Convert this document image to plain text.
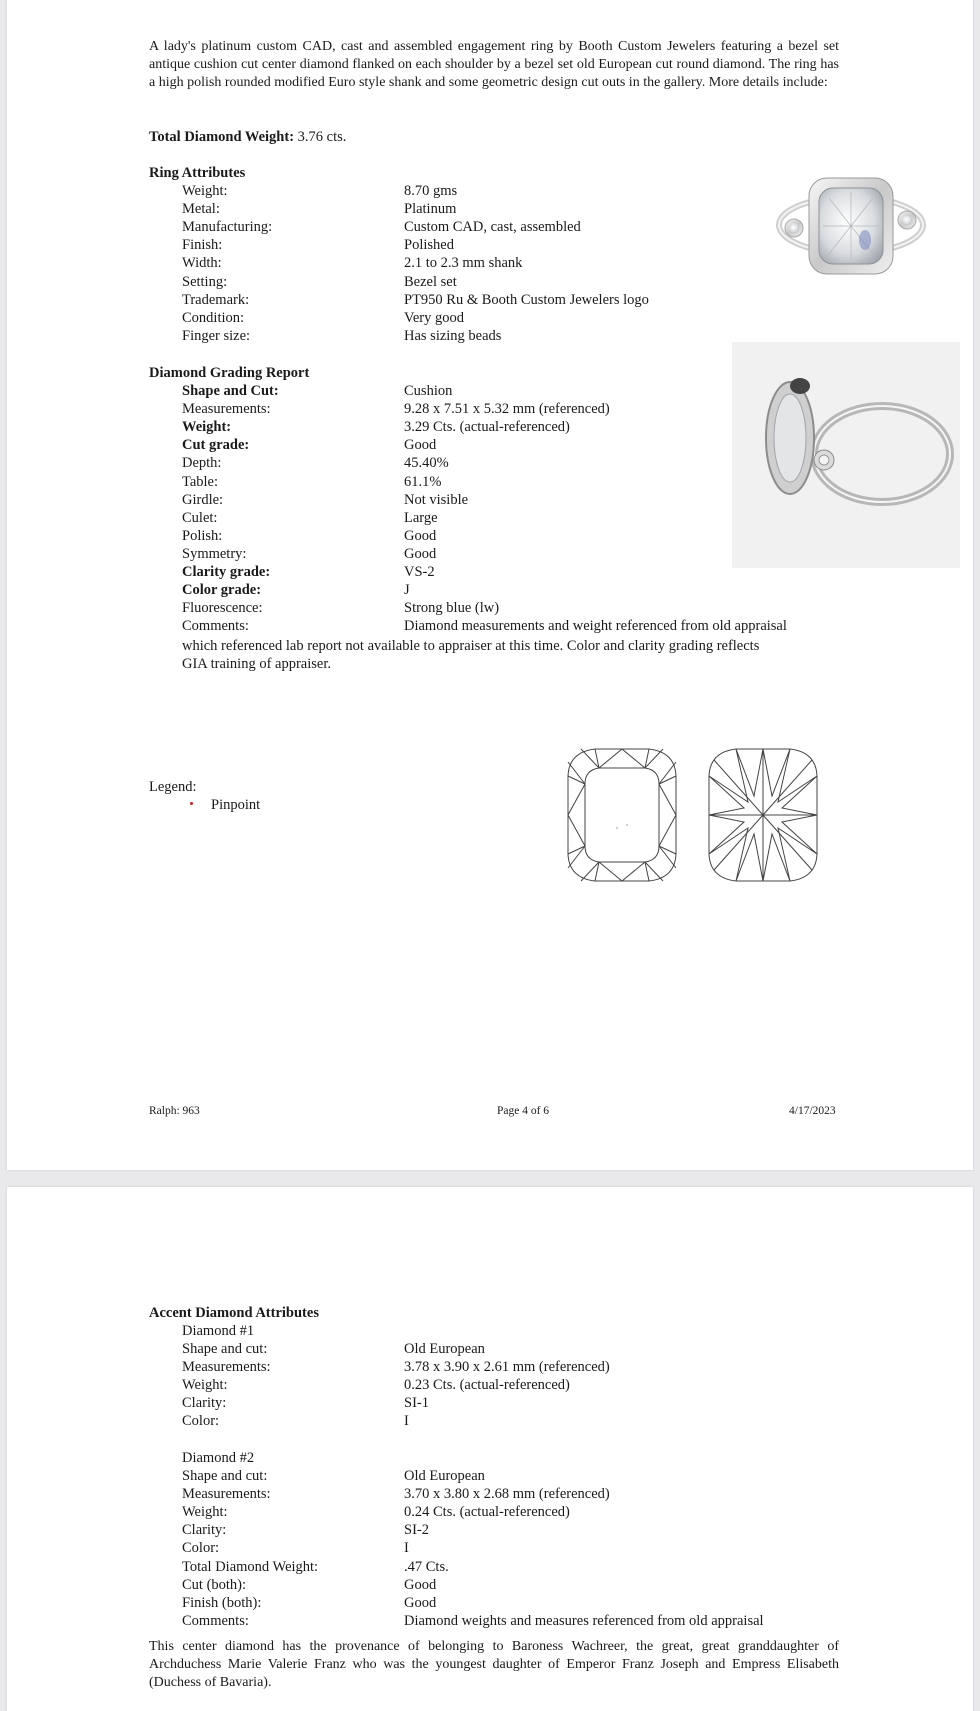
A lady's platinum custom CAD, cast and assembled engagement ring by Booth Custom Jewelers featuring a bezel set antique cushion cut center diamond flanked on each shoulder by a bezel set old European cut round diamond. The ring has a high polish rounded modified Euro style shank and some geometric design cut outs in the gallery. More details include:

Total Diamond Weight: 3.76 cts.
Ring Attributes
Weight:	8.70 gms
Metal:	Platinum
Manufacturing:	Custom CAD, cast, assembled
Finish:	Polished
Width:	2.1 to 2.3 mm shank
Setting:	Bezel set
Trademark:	PT950 Ru & Booth Custom Jewelers logo
Condition:	Very good
Finger size:	Has sizing beads
Diamond Grading Report
Shape and Cut:	Cushion
Measurements:	9.28 x 7.51 x 5.32 mm (referenced)
Weight:	3.29 Cts. (actual-referenced)
Cut grade:	Good
Depth:	45.40%
Table:	61.1%
Girdle:	Not visible
Culet:	Large
Polish:	Good
Symmetry:	Good
Clarity grade:	VS-2
Color grade:	J
Fluorescence:	Strong blue (lw)
Comments:	Diamond measurements and weight referenced from old appraisal
which referenced lab report not available to appraiser at this time. Color and clarity grading reflects
GIA training of appraiser.
Legend:
Pinpoint
Ralph: 963	Page 4 of 6	4/17/2023
Accent Diamond Attributes
Diamond #1
Shape and cut:	Old European
Measurements:	3.78 x 3.90 x 2.61 mm (referenced)
Weight:	0.23 Cts. (actual-referenced)
Clarity:	SI-1
Color:	I
Diamond #2
Shape and cut:	Old European
Measurements:	3.70 x 3.80 x 2.68 mm (referenced)
Weight:	0.24 Cts. (actual-referenced)
Clarity:	SI-2
Color:	I
Total Diamond Weight:	.47 Cts.
Cut (both):	Good
Finish (both):	Good
Comments:	Diamond weights and measures referenced from old appraisal

This center diamond has the provenance of belonging to Baroness Wachreer, the great, great granddaughter of Archduchess Marie Valerie Franz who was the youngest daughter of Emperor Franz Joseph and Empress Elisabeth (Duchess of Bavaria).
